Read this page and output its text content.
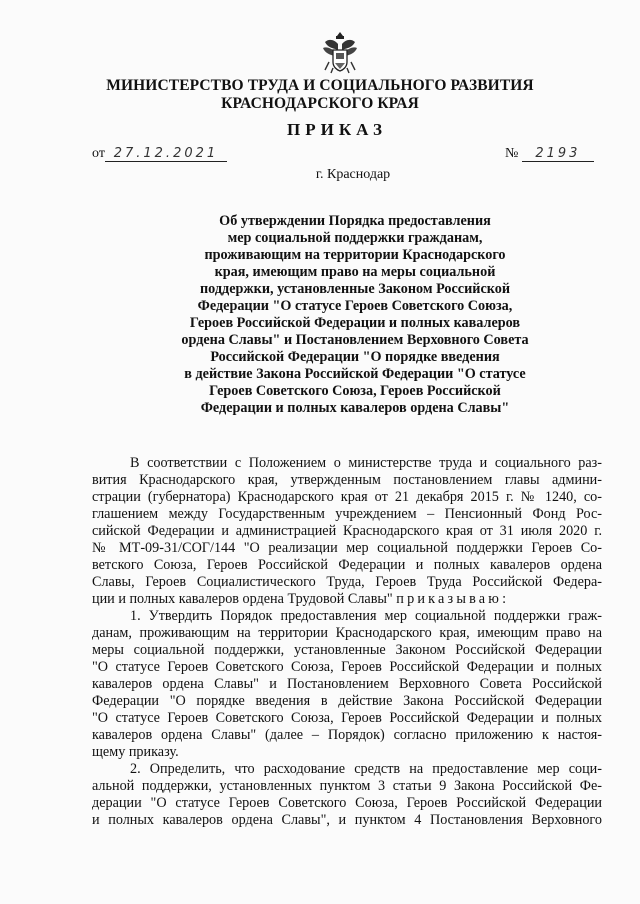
МИНИСТЕРСТВО ТРУДА И СОЦИАЛЬНОГО РАЗВИТИЯ
КРАСНОДАРСКОГО КРАЯ
ПРИКАЗ
от 27.12.2021	№ 2193
г. Краснодар
Об утверждении Порядка предоставления
мер социальной поддержки гражданам,
проживающим на территории Краснодарского
края, имеющим право на меры социальной
поддержки, установленные Законом Российской
Федерации "О статусе Героев Советского Союза,
Героев Российской Федерации и полных кавалеров
ордена Славы" и Постановлением Верховного Совета
Российской Федерации "О порядке введения
в действие Закона Российской Федерации "О статусе
Героев Советского Союза, Героев Российской
Федерации и полных кавалеров ордена Славы"
В соответствии с Положением о министерстве труда и социального раз-
вития Краснодарского края, утвержденным постановлением главы админи-
страции (губернатора) Краснодарского края от 21 декабря 2015 г. № 1240, со-
глашением между Государственным учреждением – Пенсионный Фонд Рос-
сийской Федерации и администрацией Краснодарского края от 31 июля 2020 г.
№ МТ-09-31/СОГ/144 "О реализации мер социальной поддержки Героев Со-
ветского Союза, Героев Российской Федерации и полных кавалеров ордена
Славы, Героев Социалистического Труда, Героев Труда Российской Федера-
ции и полных кавалеров ордена Трудовой Славы" приказываю:
1. Утвердить Порядок предоставления мер социальной поддержки граж-
данам, проживающим на территории Краснодарского края, имеющим право на
меры социальной поддержки, установленные Законом Российской Федерации
"О статусе Героев Советского Союза, Героев Российской Федерации и полных
кавалеров ордена Славы" и Постановлением Верховного Совета Российской
Федерации "О порядке введения в действие Закона Российской Федерации
"О статусе Героев Советского Союза, Героев Российской Федерации и полных
кавалеров ордена Славы" (далее – Порядок) согласно приложению к настоя-
щему приказу.
2. Определить, что расходование средств на предоставление мер соци-
альной поддержки, установленных пунктом 3 статьи 9 Закона Российской Фе-
дерации "О статусе Героев Советского Союза, Героев Российской Федерации
и полных кавалеров ордена Славы", и пунктом 4 Постановления Верховного
